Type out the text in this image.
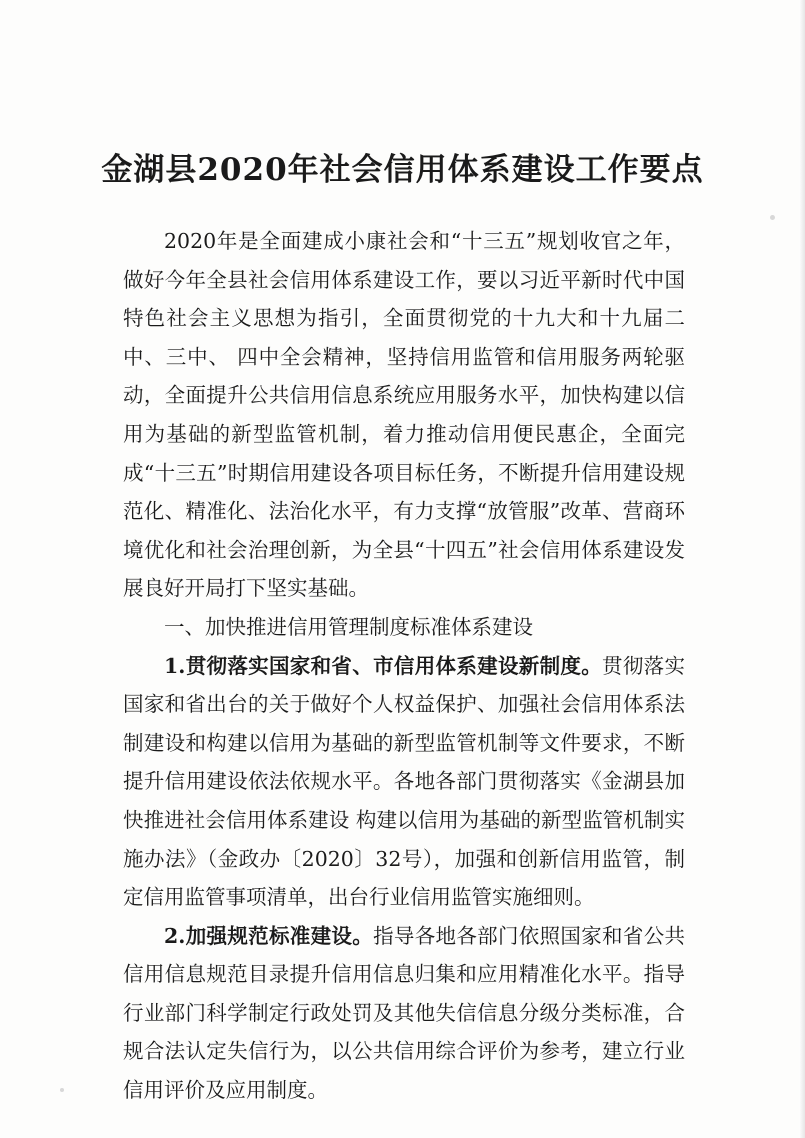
金湖县2020年社会信用体系建设工作要点

2020年是全面建成小康社会和“十三五”规划收官之年，做好今年全县社会信用体系建设工作，要以习近平新时代中国特色社会主义思想为指引，全面贯彻党的十九大和十九届二中、三中、 四中全会精神，坚持信用监管和信用服务两轮驱动，全面提升公共信用信息系统应用服务水平，加快构建以信用为基础的新型监管机制，着力推动信用便民惠企，全面完成“十三五”时期信用建设各项目标任务，不断提升信用建设规范化、精准化、法治化水平，有力支撑“放管服”改革、营商环境优化和社会治理创新，为全县“十四五”社会信用体系建设发展良好开局打下坚实基础。

一、加快推进信用管理制度标准体系建设

1.贯彻落实国家和省、市信用体系建设新制度。贯彻落实国家和省出台的关于做好个人权益保护、加强社会信用体系法制建设和构建以信用为基础的新型监管机制等文件要求，不断提升信用建设依法依规水平。各地各部门贯彻落实《金湖县加快推进社会信用体系建设 构建以信用为基础的新型监管机制实施办法》（金政办〔2020〕32号），加强和创新信用监管，制定信用监管事项清单，出台行业信用监管实施细则。

2.加强规范标准建设。指导各地各部门依照国家和省公共信用信息规范目录提升信用信息归集和应用精准化水平。指导行业部门科学制定行政处罚及其他失信信息分级分类标准，合规合法认定失信行为，以公共信用综合评价为参考，建立行业信用评价及应用制度。
